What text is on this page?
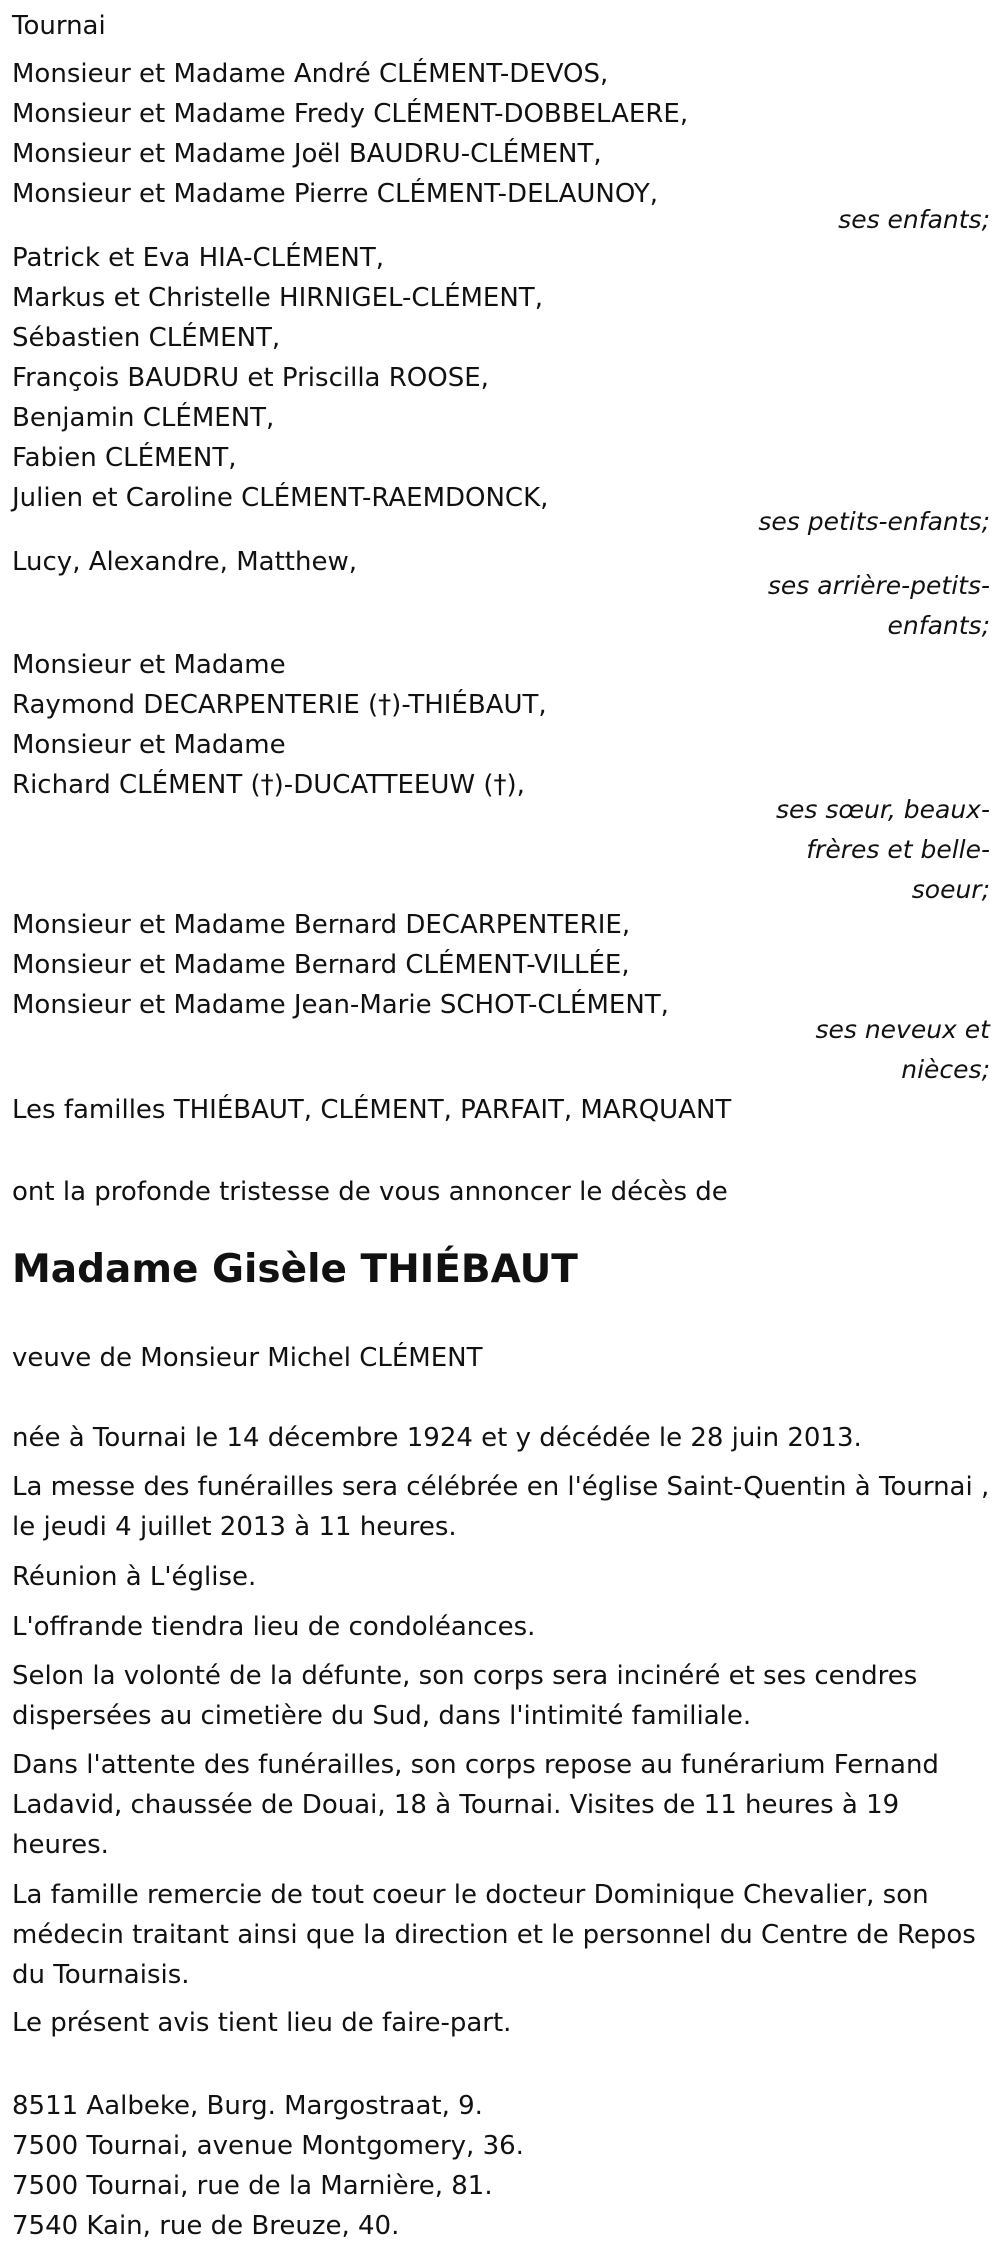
Tournai
Monsieur et Madame André CLÉMENT-DEVOS,
Monsieur et Madame Fredy CLÉMENT-DOBBELAERE,
Monsieur et Madame Joël BAUDRU-CLÉMENT,
Monsieur et Madame Pierre CLÉMENT-DELAUNOY,
ses enfants;
Patrick et Eva HIA-CLÉMENT,
Markus et Christelle HIRNIGEL-CLÉMENT,
Sébastien CLÉMENT,
François BAUDRU et Priscilla ROOSE,
Benjamin CLÉMENT,
Fabien CLÉMENT,
Julien et Caroline CLÉMENT-RAEMDONCK,
ses petits-enfants;
Lucy, Alexandre, Matthew,
ses arrière-petits-
enfants;
Monsieur et Madame
Raymond DECARPENTERIE (†)-THIÉBAUT,
Monsieur et Madame
Richard CLÉMENT (†)-DUCATTEEUW (†),
ses sœur, beaux-
frères et belle-
soeur;
Monsieur et Madame Bernard DECARPENTERIE,
Monsieur et Madame Bernard CLÉMENT-VILLÉE,
Monsieur et Madame Jean-Marie SCHOT-CLÉMENT,
ses neveux et
nièces;
Les familles THIÉBAUT, CLÉMENT, PARFAIT, MARQUANT
ont la profonde tristesse de vous annoncer le décès de
Madame Gisèle THIÉBAUT
veuve de Monsieur Michel CLÉMENT
née à Tournai le 14 décembre 1924 et y décédée le 28 juin 2013.
La messe des funérailles sera célébrée en l'église Saint-Quentin à Tournai , le jeudi 4 juillet 2013 à 11 heures.
Réunion à L'église.
L'offrande tiendra lieu de condoléances.
Selon la volonté de la défunte, son corps sera incinéré et ses cendres dispersées au cimetière du Sud, dans l'intimité familiale.
Dans l'attente des funérailles, son corps repose au funérarium Fernand Ladavid, chaussée de Douai, 18 à Tournai. Visites de 11 heures à 19 heures.
La famille remercie de tout coeur le docteur Dominique Chevalier, son médecin traitant ainsi que la direction et le personnel du Centre de Repos du Tournaisis.
Le présent avis tient lieu de faire-part.
8511 Aalbeke, Burg. Margostraat, 9.
7500 Tournai, avenue Montgomery, 36.
7500 Tournai, rue de la Marnière, 81.
7540 Kain, rue de Breuze, 40.
